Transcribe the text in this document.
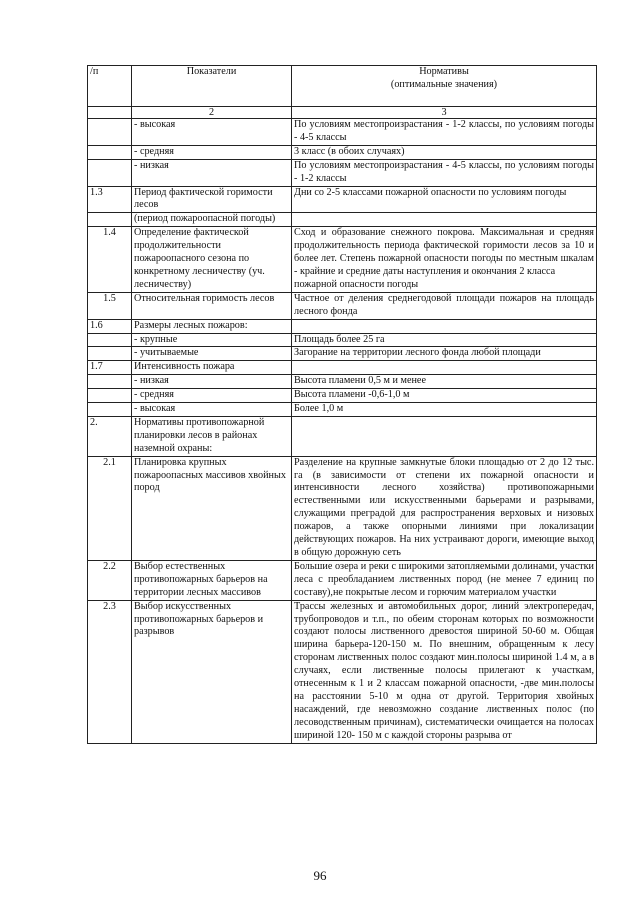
/п	Показатели	Нормативы
(оптимальные значения)

	2	3
	- высокая	По условиям местопроизрастания - 1-2 классы, по условиям погоды - 4-5 классы
	- средняя	3 класс (в обоих случаях)
	- низкая	По условиям местопроизрастания - 4-5 классы, по условиям погоды - 1-2 классы
1.3	Период фактической горимости лесов	Дни со 2-5 классами пожарной опасности по условиям погоды
	(период пожароопасной погоды)	
1.4	Определение фактической продолжительности пожароопасного сезона по конкретному лесничеству (уч. лесничеству)	Сход и образование снежного покрова. Максимальная и средняя продолжительность периода фактической горимости лесов за 10 и более лет. Степень пожарной опасности погоды по местным шкалам - крайние и средние даты наступления и окончания 2 класса
пожарной опасности погоды
1.5	Относительная горимость лесов	Частное от деления среднегодовой площади пожаров на площадь лесного фонда
1.6	Размеры лесных пожаров:	
	- крупные	Площадь более 25 га
	- учитываемые	Загорание на территории лесного фонда любой площади
1.7	Интенсивность пожара	
	- низкая	Высота пламени 0,5 м и менее
	- средняя	Высота пламени -0,6-1,0 м
	- высокая	Более 1,0 м
2.	Нормативы противопожарной планировки лесов в районах наземной охраны:	
2.1	Планировка крупных пожароопасных массивов хвойных пород	Разделение на крупные замкнутые блоки площадью от 2 до 12 тыс. га (в зависимости от степени их пожарной опасности и интенсивности лесного хозяйства) противопожарными естественными или искусственными барьерами и разрывами, служащими преградой для распространения верховых и низовых пожаров, а также опорными линиями при локализации действующих пожаров. На них устраивают дороги, имеющие выход в общую дорожную сеть
2.2	Выбор естественных противопожарных барьеров на территории лесных массивов	Большие озера и реки с широкими затопляемыми долинами, участки леса с преобладанием лиственных пород (не менее 7 единиц по составу),не покрытые лесом и горючим материалом участки
2.3	Выбор искусственных противопожарных барьеров и разрывов	Трассы железных и автомобильных дорог, линий электропередач, трубопроводов и т.п., по обеим сторонам которых по возможности создают полосы лиственного древостоя шириной 50-60 м. Общая ширина барьера-120-150 м. По внешним, обращенным к лесу сторонам лиственных полос создают мин.полосы шириной 1.4 м, а в случаях, если лиственные полосы прилегают к участкам, отнесенным к 1 и 2 классам пожарной опасности, -две мин.полосы на расстоянии 5-10 м одна от другой. Территория хвойных насаждений, где невозможно создание лиственных полос (по лесоводственным причинам), систематически очищается на полосах шириной 120- 150 м с каждой стороны разрыва от
96
